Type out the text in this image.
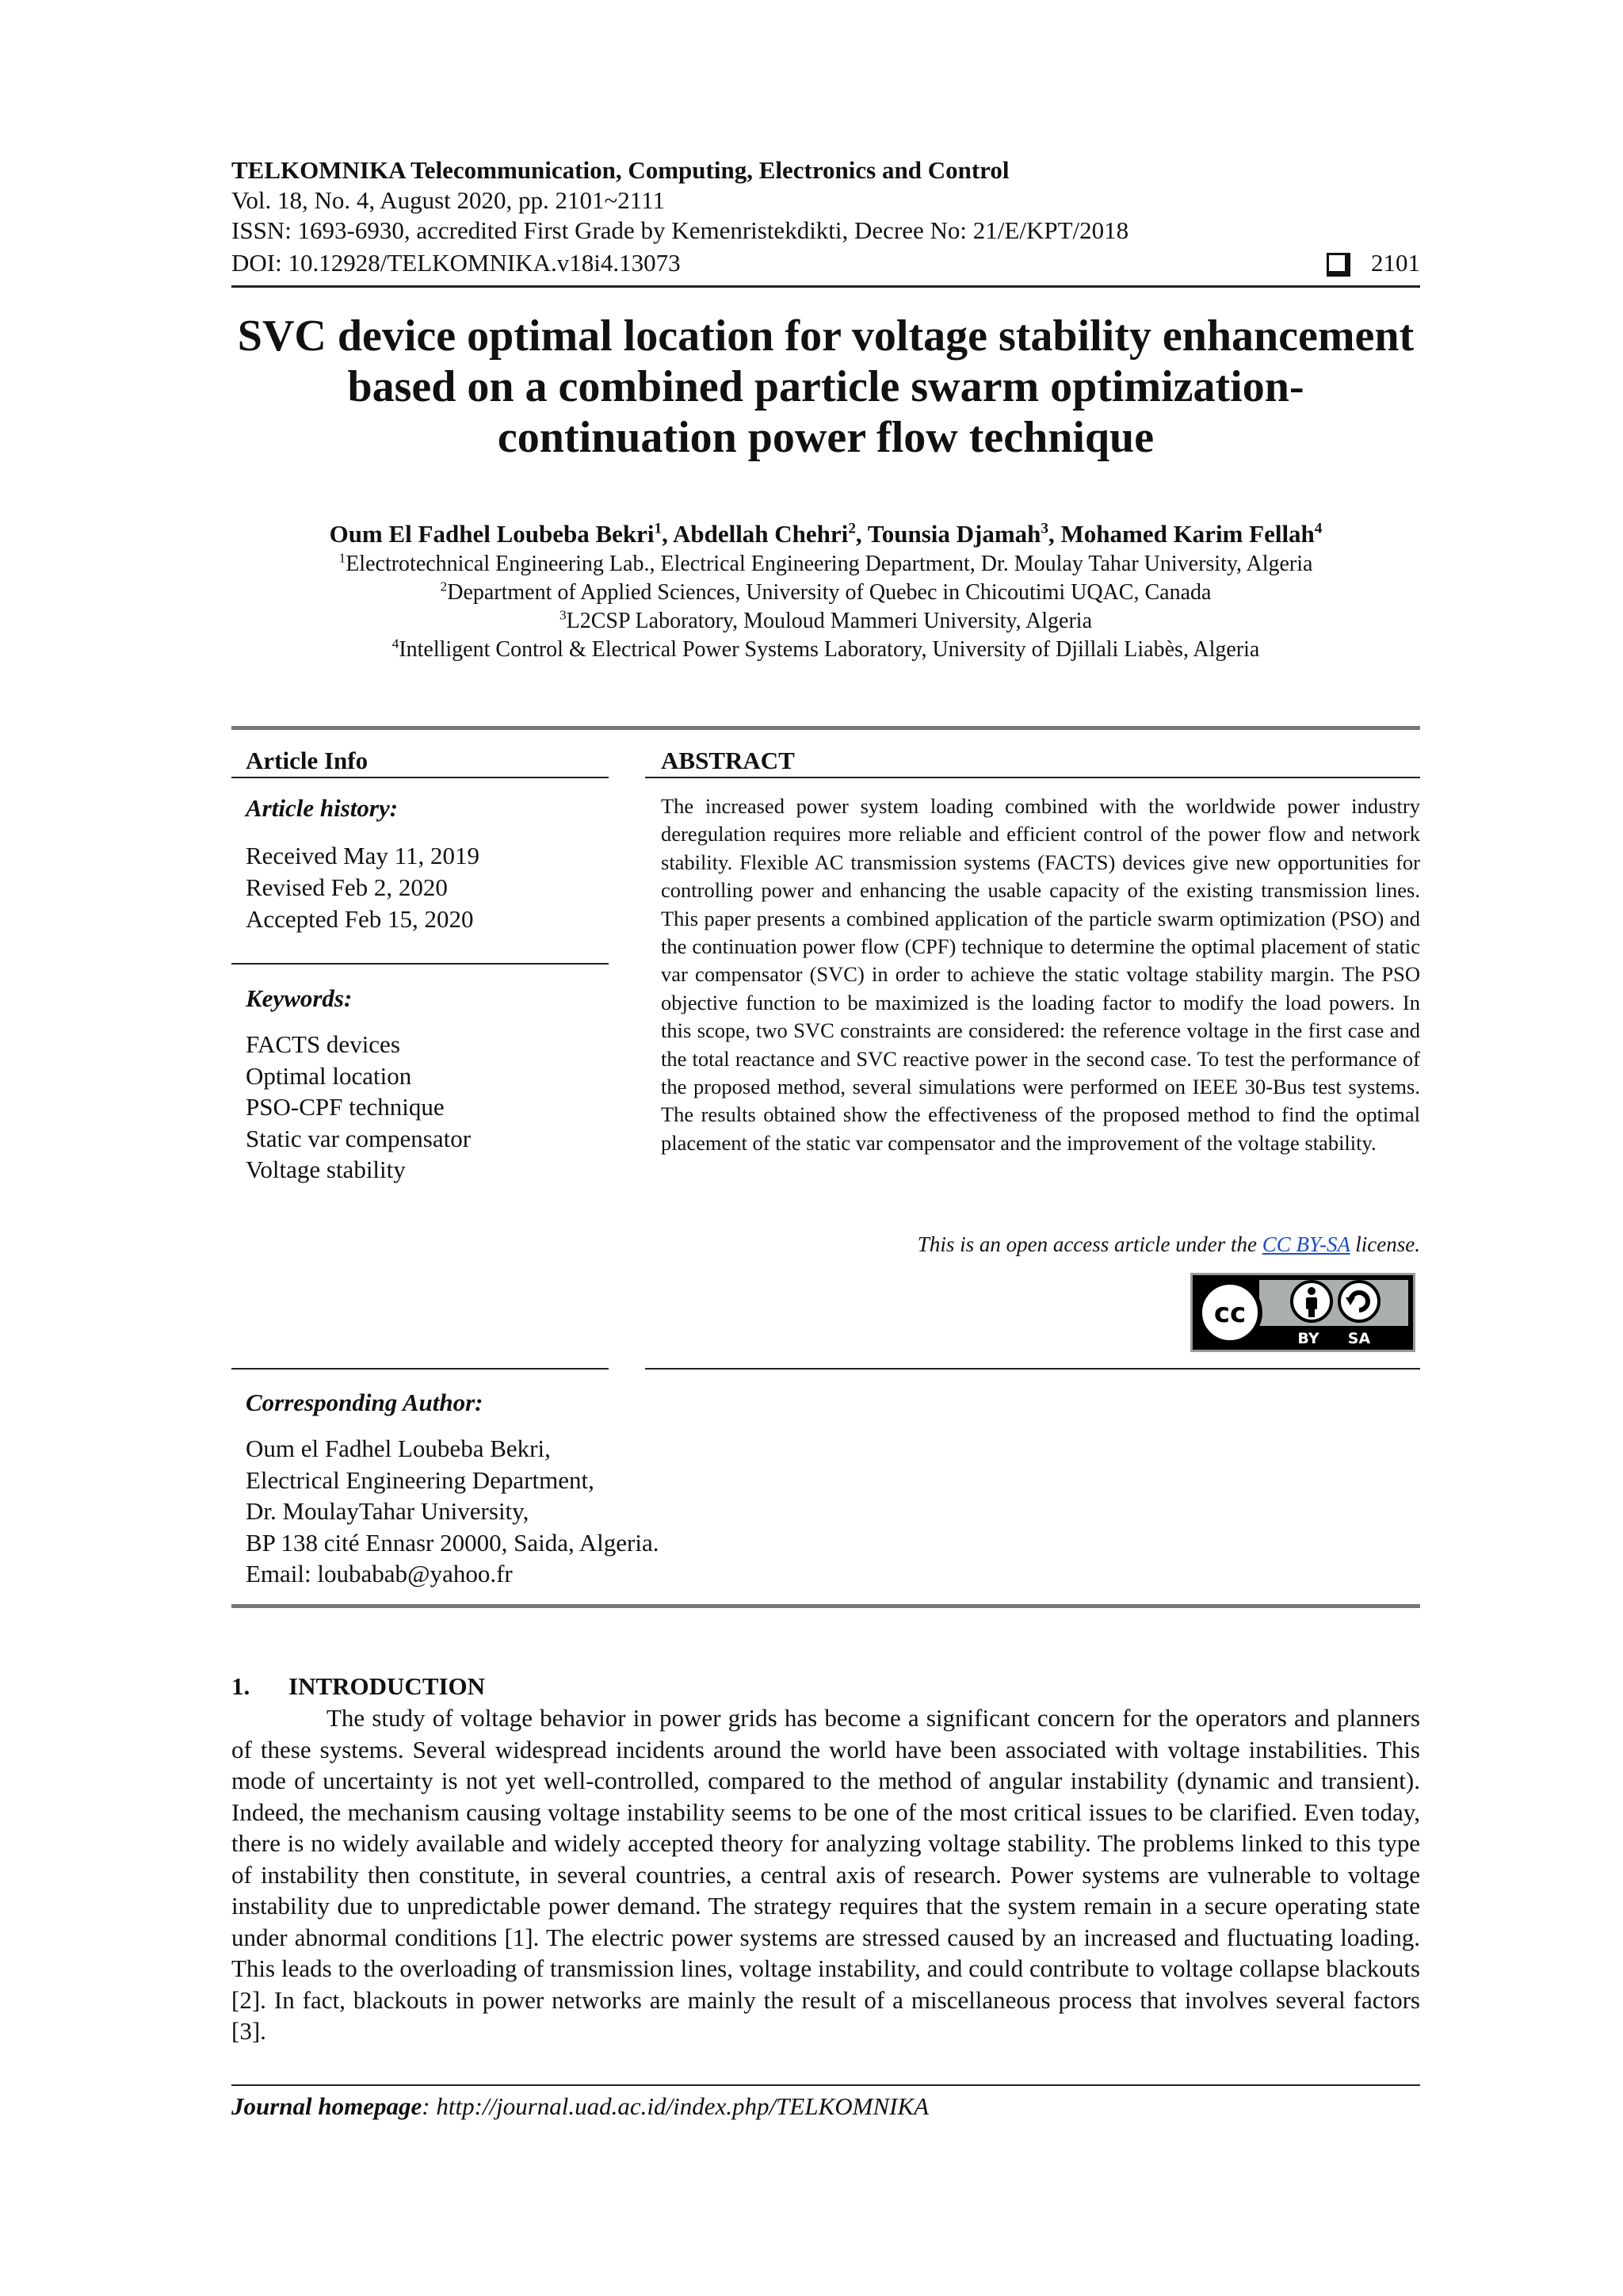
TELKOMNIKA Telecommunication, Computing, Electronics and Control
Vol. 18, No. 4, August 2020, pp. 2101~2111
ISSN: 1693-6930, accredited First Grade by Kemenristekdikti, Decree No: 21/E/KPT/2018
DOI: 10.12928/TELKOMNIKA.v18i4.13073	2101
SVC device optimal location for voltage stability enhancement based on a combined particle swarm optimization-continuation power flow technique
Oum El Fadhel Loubeba Bekri$^1$, Abdellah Chehri$^2$, Tounsia Djamah$^3$, Mohamed Karim Fellah$^4$
$^1$Electrotechnical Engineering Lab., Electrical Engineering Department, Dr. Moulay Tahar University, Algeria
$^2$Department of Applied Sciences, University of Quebec in Chicoutimi UQAC, Canada
$^3$L2CSP Laboratory, Mouloud Mammeri University, Algeria
$^4$Intelligent Control & Electrical Power Systems Laboratory, University of Djillali Liabès, Algeria
Article Info
Article history:
Received May 11, 2019
Revised Feb 2, 2020
Accepted Feb 15, 2020
Keywords:
FACTS devices
Optimal location
PSO-CPF technique
Static var compensator
Voltage stability
ABSTRACT

The increased power system loading combined with the worldwide power industry deregulation requires more reliable and efficient control of the power flow and network stability. Flexible AC transmission systems (FACTS) devices give new opportunities for controlling power and enhancing the usable capacity of the existing transmission lines. This paper presents a combined application of the particle swarm optimization (PSO) and the continuation power flow (CPF) technique to determine the optimal placement of static var compensator (SVC) in order to achieve the static voltage stability margin. The PSO objective function to be maximized is the loading factor to modify the load powers. In this scope, two SVC constraints are considered: the reference voltage in the first case and the total reactance and SVC reactive power in the second case. To test the performance of the proposed method, several simulations were performed on IEEE 30-Bus test systems. The results obtained show the effectiveness of the proposed method to find the optimal placement of the static var compensator and the improvement of the voltage stability.

This is an open access article under the CC BY-SA license.
cc
BY SA
Corresponding Author:
Oum el Fadhel Loubeba Bekri,
Electrical Engineering Department,
Dr. MoulayTahar University,
BP 138 cité Ennasr 20000, Saida, Algeria.
Email: loubabab@yahoo.fr
1. INTRODUCTION

The study of voltage behavior in power grids has become a significant concern for the operators and planners of these systems. Several widespread incidents around the world have been associated with voltage instabilities. This mode of uncertainty is not yet well-controlled, compared to the method of angular instability (dynamic and transient). Indeed, the mechanism causing voltage instability seems to be one of the most critical issues to be clarified. Even today, there is no widely available and widely accepted theory for analyzing voltage stability. The problems linked to this type of instability then constitute, in several countries, a central axis of research. Power systems are vulnerable to voltage instability due to unpredictable power demand. The strategy requires that the system remain in a secure operating state under abnormal conditions [1]. The electric power systems are stressed caused by an increased and fluctuating loading. This leads to the overloading of transmission lines, voltage instability, and could contribute to voltage collapse blackouts [2]. In fact, blackouts in power networks are mainly the result of a miscellaneous process that involves several factors [3].

Journal homepage: http://journal.uad.ac.id/index.php/TELKOMNIKA
